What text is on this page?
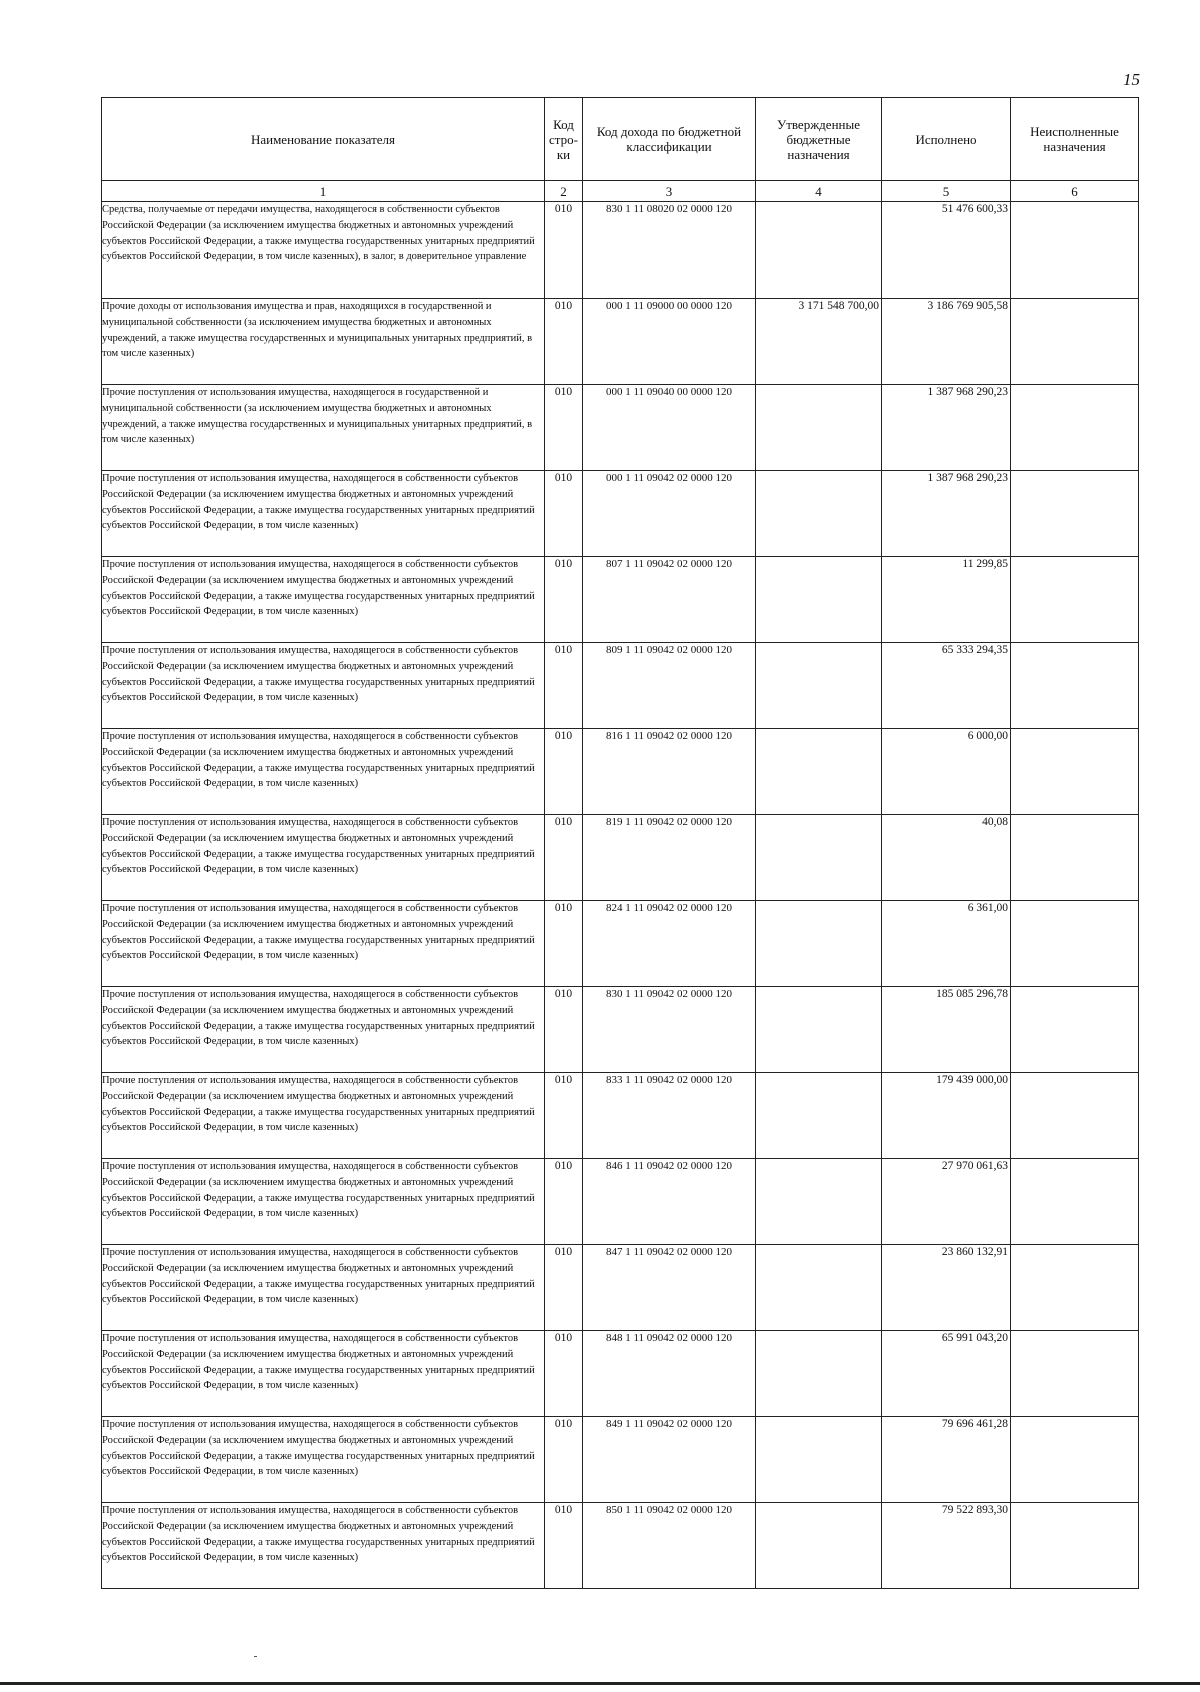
15
Наименование показателя	Код стро- ки	Код дохода по бюджетной классификации	Утвержденные бюджетные назначения	Исполнено	Неисполненные назначения
1	2	3	4	5	6
Средства, получаемые от передачи имущества, находящегося в собственности субъектов Российской Федерации (за исключением имущества бюджетных и автономных учреждений субъектов Российской Федерации, а также имущества государственных унитарных предприятий субъектов Российской Федерации, в том числе казенных), в залог, в доверительное управление	010	830 1 11 08020 02 0000 120		51 476 600,33	
Прочие доходы от использования имущества и прав, находящихся в государственной и муниципальной собственности (за исключением имущества бюджетных и автономных учреждений, а также имущества государственных и муниципальных унитарных предприятий, в том числе казенных)	010	000 1 11 09000 00 0000 120	3 171 548 700,00	3 186 769 905,58	
Прочие поступления от использования имущества, находящегося в государственной и муниципальной собственности (за исключением имущества бюджетных и автономных учреждений, а также имущества государственных и муниципальных унитарных предприятий, в том числе казенных)	010	000 1 11 09040 00 0000 120		1 387 968 290,23	
Прочие поступления от использования имущества, находящегося в собственности субъектов Российской Федерации (за исключением имущества бюджетных и автономных учреждений субъектов Российской Федерации, а также имущества государственных унитарных предприятий субъектов Российской Федерации, в том числе казенных)	010	000 1 11 09042 02 0000 120		1 387 968 290,23	
Прочие поступления от использования имущества, находящегося в собственности субъектов Российской Федерации (за исключением имущества бюджетных и автономных учреждений субъектов Российской Федерации, а также имущества государственных унитарных предприятий субъектов Российской Федерации, в том числе казенных)	010	807 1 11 09042 02 0000 120		11 299,85	
Прочие поступления от использования имущества, находящегося в собственности субъектов Российской Федерации (за исключением имущества бюджетных и автономных учреждений субъектов Российской Федерации, а также имущества государственных унитарных предприятий субъектов Российской Федерации, в том числе казенных)	010	809 1 11 09042 02 0000 120		65 333 294,35	
Прочие поступления от использования имущества, находящегося в собственности субъектов Российской Федерации (за исключением имущества бюджетных и автономных учреждений субъектов Российской Федерации, а также имущества государственных унитарных предприятий субъектов Российской Федерации, в том числе казенных)	010	816 1 11 09042 02 0000 120		6 000,00	
Прочие поступления от использования имущества, находящегося в собственности субъектов Российской Федерации (за исключением имущества бюджетных и автономных учреждений субъектов Российской Федерации, а также имущества государственных унитарных предприятий субъектов Российской Федерации, в том числе казенных)	010	819 1 11 09042 02 0000 120		40,08	
Прочие поступления от использования имущества, находящегося в собственности субъектов Российской Федерации (за исключением имущества бюджетных и автономных учреждений субъектов Российской Федерации, а также имущества государственных унитарных предприятий субъектов Российской Федерации, в том числе казенных)	010	824 1 11 09042 02 0000 120		6 361,00	
Прочие поступления от использования имущества, находящегося в собственности субъектов Российской Федерации (за исключением имущества бюджетных и автономных учреждений субъектов Российской Федерации, а также имущества государственных унитарных предприятий субъектов Российской Федерации, в том числе казенных)	010	830 1 11 09042 02 0000 120		185 085 296,78	
Прочие поступления от использования имущества, находящегося в собственности субъектов Российской Федерации (за исключением имущества бюджетных и автономных учреждений субъектов Российской Федерации, а также имущества государственных унитарных предприятий субъектов Российской Федерации, в том числе казенных)	010	833 1 11 09042 02 0000 120		179 439 000,00	
Прочие поступления от использования имущества, находящегося в собственности субъектов Российской Федерации (за исключением имущества бюджетных и автономных учреждений субъектов Российской Федерации, а также имущества государственных унитарных предприятий субъектов Российской Федерации, в том числе казенных)	010	846 1 11 09042 02 0000 120		27 970 061,63	
Прочие поступления от использования имущества, находящегося в собственности субъектов Российской Федерации (за исключением имущества бюджетных и автономных учреждений субъектов Российской Федерации, а также имущества государственных унитарных предприятий субъектов Российской Федерации, в том числе казенных)	010	847 1 11 09042 02 0000 120		23 860 132,91	
Прочие поступления от использования имущества, находящегося в собственности субъектов Российской Федерации (за исключением имущества бюджетных и автономных учреждений субъектов Российской Федерации, а также имущества государственных унитарных предприятий субъектов Российской Федерации, в том числе казенных)	010	848 1 11 09042 02 0000 120		65 991 043,20	
Прочие поступления от использования имущества, находящегося в собственности субъектов Российской Федерации (за исключением имущества бюджетных и автономных учреждений субъектов Российской Федерации, а также имущества государственных унитарных предприятий субъектов Российской Федерации, в том числе казенных)	010	849 1 11 09042 02 0000 120		79 696 461,28	
Прочие поступления от использования имущества, находящегося в собственности субъектов Российской Федерации (за исключением имущества бюджетных и автономных учреждений субъектов Российской Федерации, а также имущества государственных унитарных предприятий субъектов Российской Федерации, в том числе казенных)	010	850 1 11 09042 02 0000 120		79 522 893,30	
